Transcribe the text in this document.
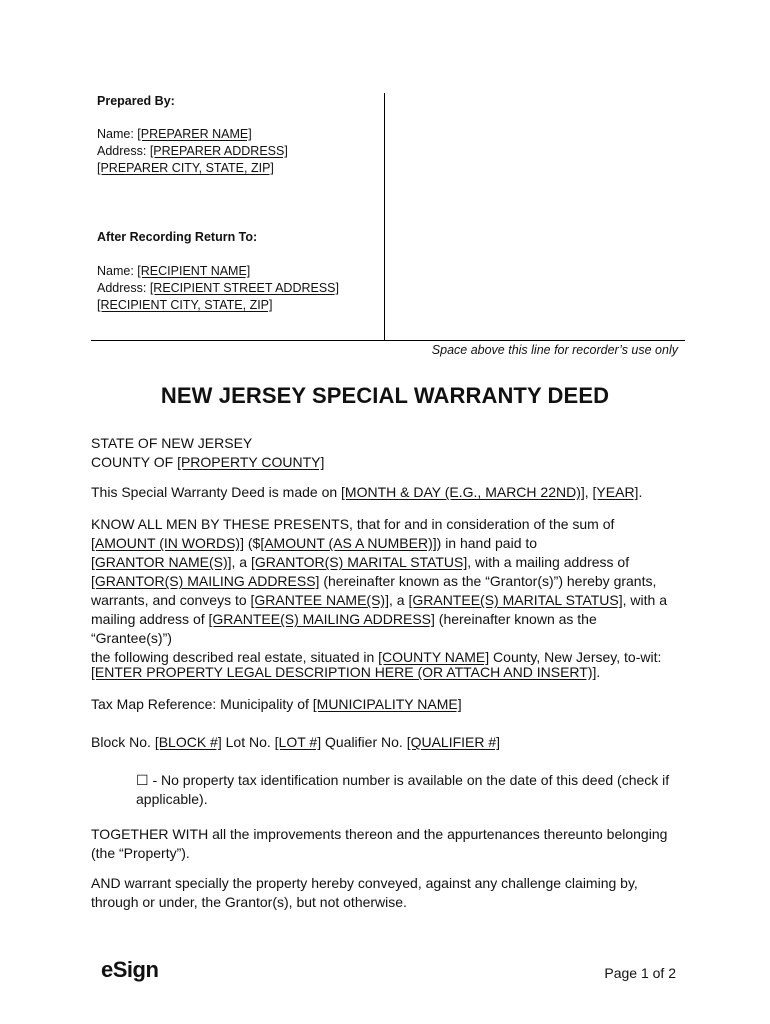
Prepared By:
Name: [PREPARER NAME]
Address: [PREPARER ADDRESS]
[PREPARER CITY, STATE, ZIP]
After Recording Return To:
Name: [RECIPIENT NAME]
Address: [RECIPIENT STREET ADDRESS]
[RECIPIENT CITY, STATE, ZIP]
Space above this line for recorder’s use only
NEW JERSEY SPECIAL WARRANTY DEED
STATE OF NEW JERSEY
COUNTY OF [PROPERTY COUNTY]
This Special Warranty Deed is made on [MONTH & DAY (E.G., MARCH 22ND)], [YEAR].
KNOW ALL MEN BY THESE PRESENTS, that for and in consideration of the sum of
[AMOUNT (IN WORDS)] ($[AMOUNT (AS A NUMBER)]) in hand paid to
[GRANTOR NAME(S)], a [GRANTOR(S) MARITAL STATUS], with a mailing address of
[GRANTOR(S) MAILING ADDRESS] (hereinafter known as the “Grantor(s)”) hereby grants,
warrants, and conveys to [GRANTEE NAME(S)], a [GRANTEE(S) MARITAL STATUS], with a
mailing address of [GRANTEE(S) MAILING ADDRESS] (hereinafter known as the “Grantee(s)”)
the following described real estate, situated in [COUNTY NAME] County, New Jersey, to-wit:
[ENTER PROPERTY LEGAL DESCRIPTION HERE (OR ATTACH AND INSERT)].
Tax Map Reference: Municipality of [MUNICIPALITY NAME]
Block No. [BLOCK #] Lot No. [LOT #] Qualifier No. [QUALIFIER #]
☐ - No property tax identification number is available on the date of this deed (check if
applicable).
TOGETHER WITH all the improvements thereon and the appurtenances thereunto belonging
(the “Property”).
AND warrant specially the property hereby conveyed, against any challenge claiming by,
through or under, the Grantor(s), but not otherwise.
eSign	Page 1 of 2
